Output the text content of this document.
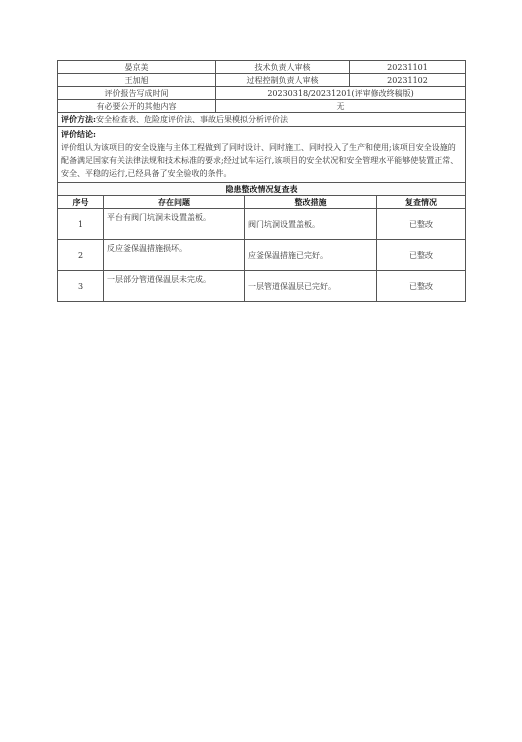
晏京美	技术负责人审核	20231101
王加旭	过程控制负责人审核	20231102
评价报告写成时间	20230318/20231201(评审修改终稿版)	
有必要公开的其他内容	无	
评价方法:安全检查表、危险度评价法、事故后果模拟分析评价法		

评价结论:
评价组认为该项目的安全设施与主体工程做到了同时设计、同时施工、同时投入了生产和使用;该项目安全设施的配备满足国家有关法律法规和技术标准的要求;经过试车运行,该项目的安全状况和安全管理水平能够使装置正常、安全、平稳的运行,已经具备了安全验收的条件。		
隐患整改情况复查表			
序号	存在问题	整改措施	复查情况
1	平台有阀门坑洞未设置盖板。	阀门坑洞设置盖板。	已整改
2	反应釜保温措施损坏。	应釜保温措施已完好。	已整改
3	一层部分管道保温层未完成。	一层管道保温层已完好。	已整改
